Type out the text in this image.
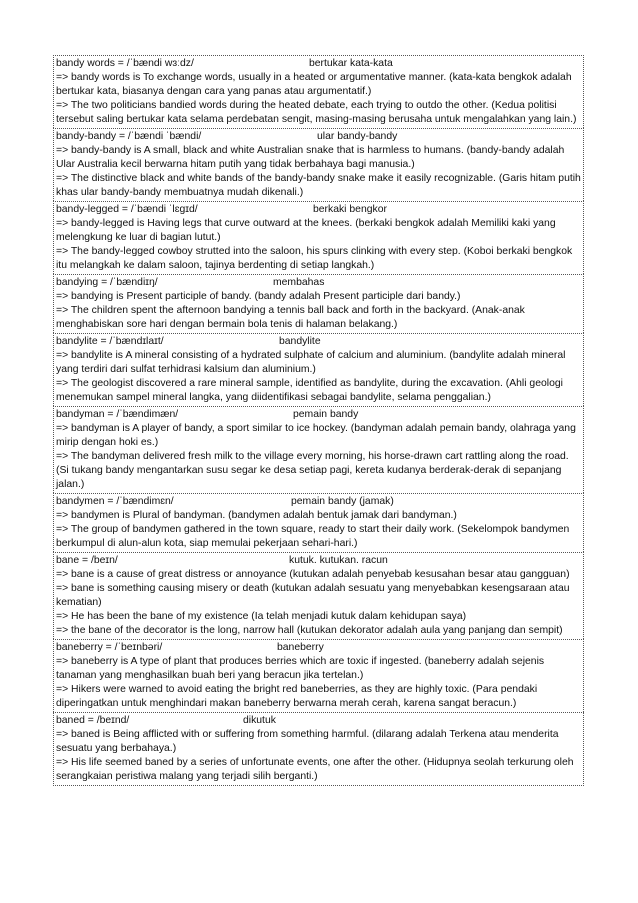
bandy words = /ˈbændi wɜːdz/	bertukar kata-kata
=> bandy words is To exchange words, usually in a heated or argumentative manner. (kata-kata bengkok adalah bertukar kata, biasanya dengan cara yang panas atau argumentatif.)
=> The two politicians bandied words during the heated debate, each trying to outdo the other. (Kedua politisi tersebut saling bertukar kata selama perdebatan sengit, masing-masing berusaha untuk mengalahkan yang lain.)
bandy-bandy = /ˈbændi ˈbændi/	ular bandy-bandy
=> bandy-bandy is A small, black and white Australian snake that is harmless to humans. (bandy-bandy adalah Ular Australia kecil berwarna hitam putih yang tidak berbahaya bagi manusia.)
=> The distinctive black and white bands of the bandy-bandy snake make it easily recognizable. (Garis hitam putih khas ular bandy-bandy membuatnya mudah dikenali.)
bandy-legged = /ˈbændi ˈlɛɡɪd/	berkaki bengkor
=> bandy-legged is Having legs that curve outward at the knees. (berkaki bengkok adalah Memiliki kaki yang melengkung ke luar di bagian lutut.)
=> The bandy-legged cowboy strutted into the saloon, his spurs clinking with every step. (Koboi berkaki bengkok itu melangkah ke dalam saloon, tajinya berdenting di setiap langkah.)
bandying = /ˈbændiɪŋ/	membahas
=> bandying is Present participle of bandy. (bandy adalah Present participle dari bandy.)
=> The children spent the afternoon bandying a tennis ball back and forth in the backyard. (Anak-anak menghabiskan sore hari dengan bermain bola tenis di halaman belakang.)
bandylite = /ˈbændɪlaɪt/	bandylite
=> bandylite is A mineral consisting of a hydrated sulphate of calcium and aluminium. (bandylite adalah mineral yang terdiri dari sulfat terhidrasi kalsium dan aluminium.)
=> The geologist discovered a rare mineral sample, identified as bandylite, during the excavation. (Ahli geologi menemukan sampel mineral langka, yang diidentifikasi sebagai bandylite, selama penggalian.)
bandyman = /ˈbændimæn/	pemain bandy
=> bandyman is A player of bandy, a sport similar to ice hockey. (bandyman adalah pemain bandy, olahraga yang mirip dengan hoki es.)
=> The bandyman delivered fresh milk to the village every morning, his horse-drawn cart rattling along the road. (Si tukang bandy mengantarkan susu segar ke desa setiap pagi, kereta kudanya berderak-derak di sepanjang jalan.)
bandymen = /ˈbændimɛn/	pemain bandy (jamak)
=> bandymen is Plural of bandyman. (bandymen adalah bentuk jamak dari bandyman.)
=> The group of bandymen gathered in the town square, ready to start their daily work. (Sekelompok bandymen berkumpul di alun-alun kota, siap memulai pekerjaan sehari-hari.)
bane = /beɪn/	kutuk. kutukan. racun
=> bane is a cause of great distress or annoyance (kutukan adalah penyebab kesusahan besar atau gangguan)
=> bane is something causing misery or death (kutukan adalah sesuatu yang menyebabkan kesengsaraan atau kematian)
=> He has been the bane of my existence (Ia telah menjadi kutuk dalam kehidupan saya)
=> the bane of the decorator is the long, narrow hall (kutukan dekorator adalah aula yang panjang dan sempit)
baneberry = /ˈbeɪnbəri/	baneberry
=> baneberry is A type of plant that produces berries which are toxic if ingested. (baneberry adalah sejenis tanaman yang menghasilkan buah beri yang beracun jika tertelan.)
=> Hikers were warned to avoid eating the bright red baneberries, as they are highly toxic. (Para pendaki diperingatkan untuk menghindari makan baneberry berwarna merah cerah, karena sangat beracun.)
baned = /beɪnd/	dikutuk
=> baned is Being afflicted with or suffering from something harmful. (dilarang adalah Terkena atau menderita sesuatu yang berbahaya.)
=> His life seemed baned by a series of unfortunate events, one after the other. (Hidupnya seolah terkurung oleh serangkaian peristiwa malang yang terjadi silih berganti.)
